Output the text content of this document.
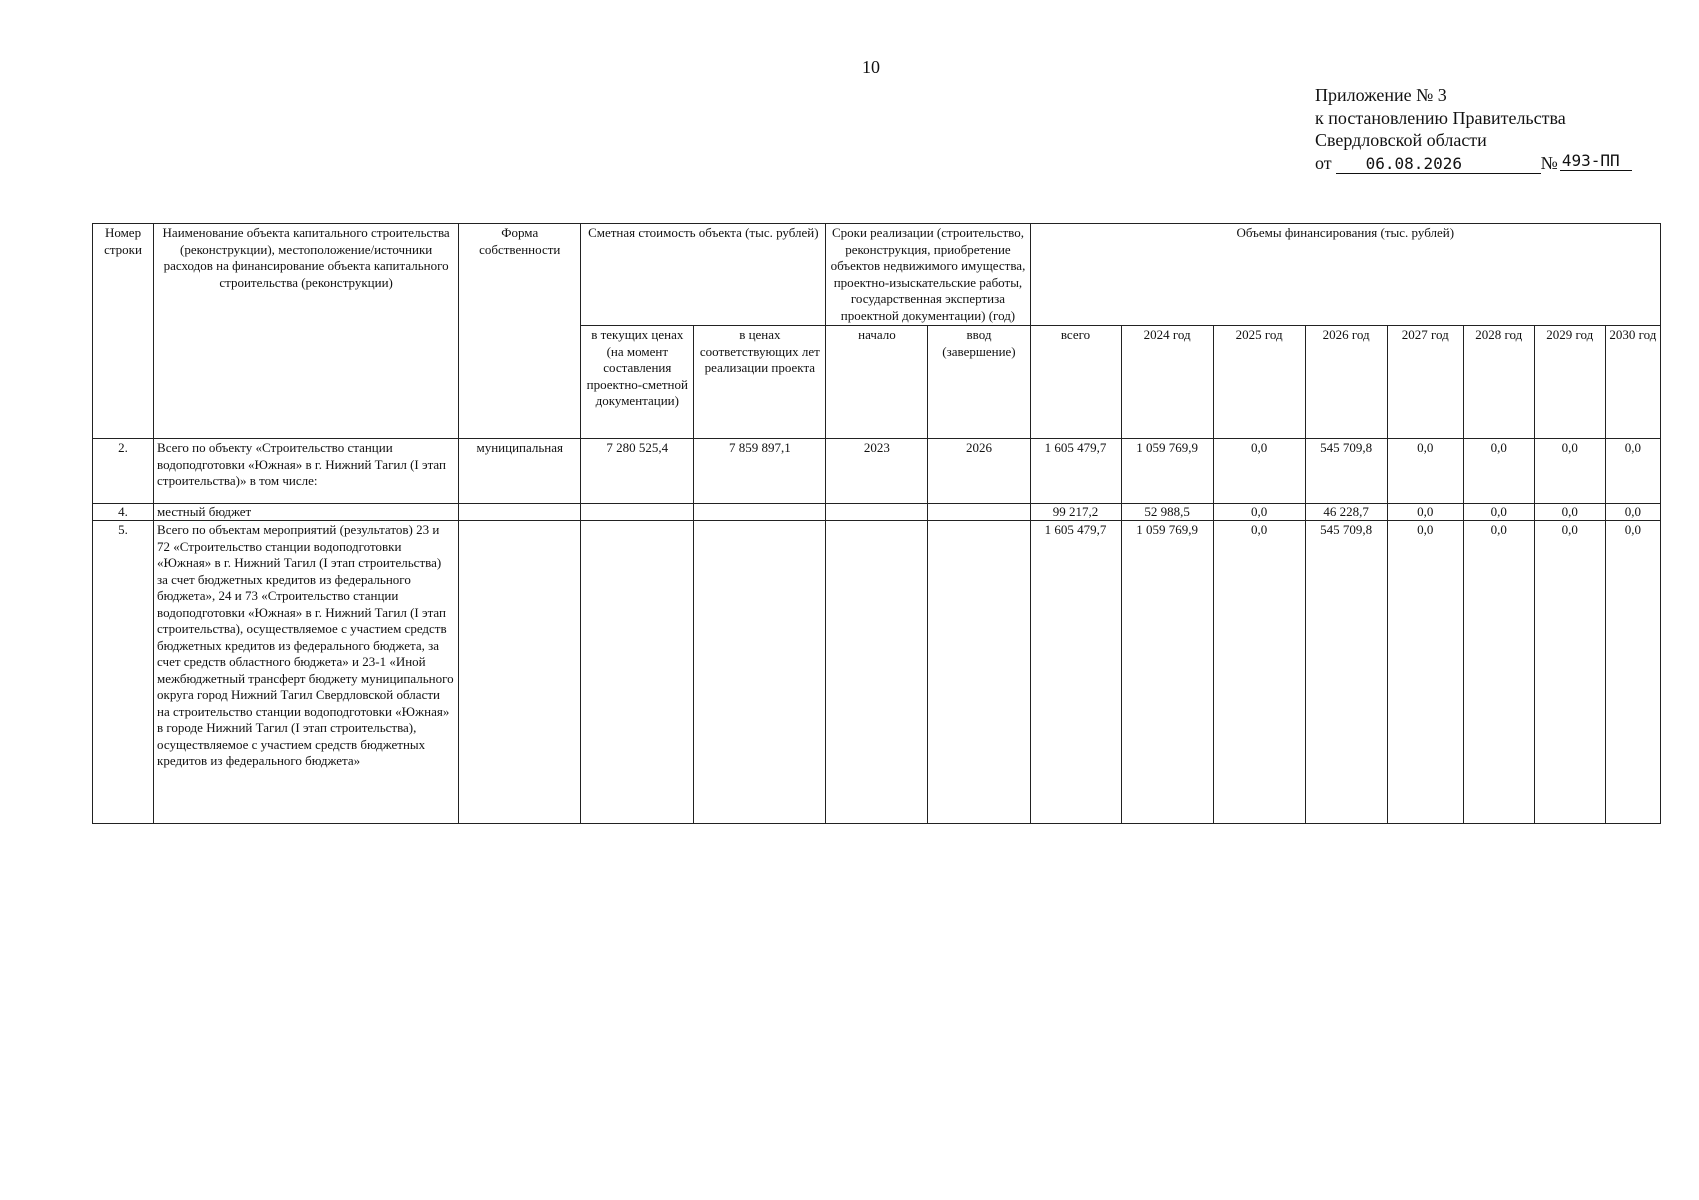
10
Приложение № 3
к постановлению Правительства
Свердловской области
от 06.08.2026	№ 493-ПП
Номер строки	Наименование объекта капитального строительства (реконструкции), местоположение/источники расходов на финансирование объекта капитального строительства (реконструкции)	Форма собственности	Сметная стоимость объекта (тыс. рублей)		Сроки реализации (строительство, реконструкция, приобретение объектов недвижимого имущества, проектно-изыскательские работы, государственная экспертиза проектной документации) (год)		Объемы финансирования (тыс. рублей)							
			в текущих ценах (на момент составления проектно-сметной документации)	в ценах соответствующих лет реализации проекта	начало	ввод (завершение)	всего	2024 год	2025 год	2026 год	2027 год	2028 год	2029 год	2030 год
2.	Всего по объекту «Строительство станции водоподготовки «Южная» в г. Нижний Тагил (I этап строительства)» в том числе:	муниципальная	7 280 525,4	7 859 897,1	2023	2026	1 605 479,7	1 059 769,9	0,0	545 709,8	0,0	0,0	0,0	0,0
4.	местный бюджет						99 217,2	52 988,5	0,0	46 228,7	0,0	0,0	0,0	0,0
5.	Всего по объектам мероприятий (результатов) 23 и 72 «Строительство станции водоподготовки «Южная» в г. Нижний Тагил (I этап строительства) за счет бюджетных кредитов из федерального бюджета», 24 и 73 «Строительство станции водоподготовки «Южная» в г. Нижний Тагил (I этап строительства), осуществляемое с участием средств бюджетных кредитов из федерального бюджета, за счет средств областного бюджета» и 23-1 «Иной межбюджетный трансферт бюджету муниципального округа город Нижний Тагил Свердловской области на строительство станции водоподготовки «Южная» в городе Нижний Тагил (I этап строительства), осуществляемое с участием средств бюджетных кредитов из федерального бюджета»						1 605 479,7	1 059 769,9	0,0	545 709,8	0,0	0,0	0,0	0,0
